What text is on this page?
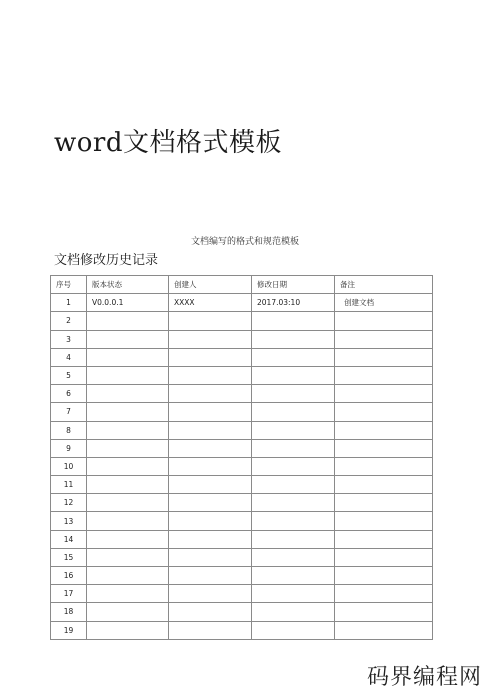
word文档格式模板
文档编写的格式和规范模板
文档修改历史记录
序号	版本状态	创建人	修改日期	备注
1	V0.0.0.1	XXXX	2017.03:10	创建文档
2				
3				
4				
5				
6				
7				
8				
9				
10				
11				
12				
13				
14				
15				
16				
17				
18				
19				
码界编程网
